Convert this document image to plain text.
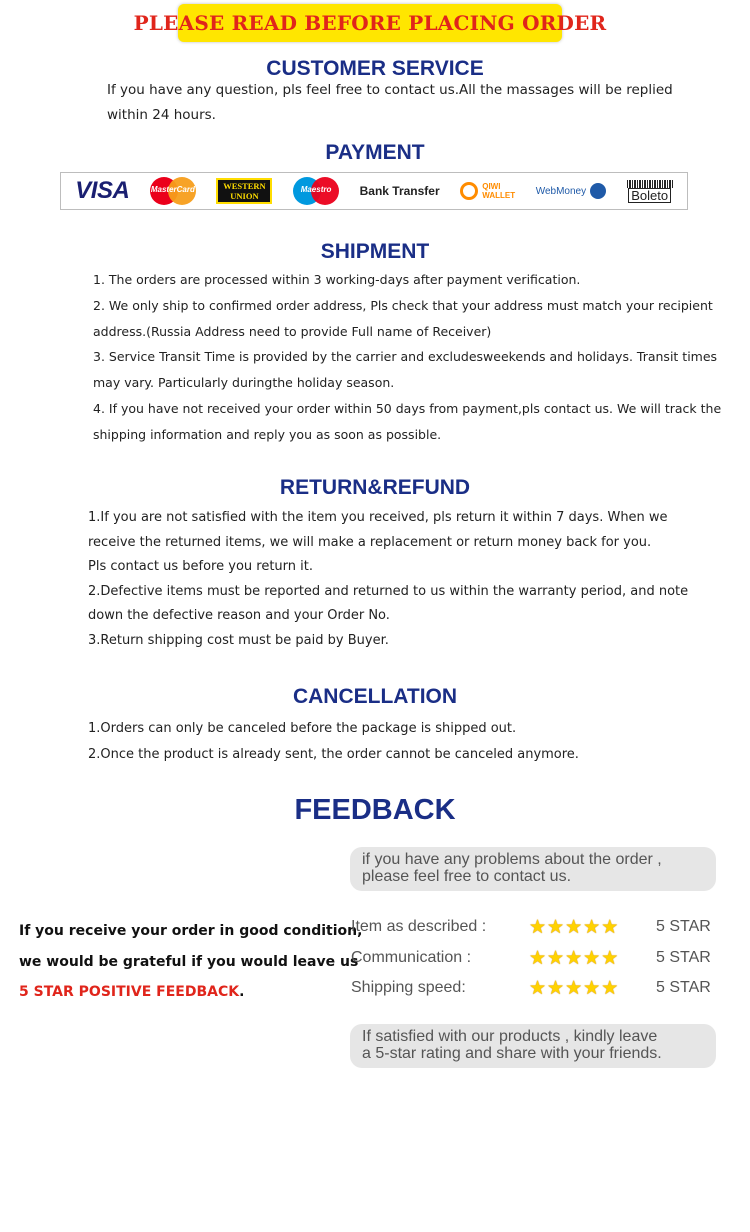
PLEASE READ BEFORE PLACING ORDER
CUSTOMER SERVICE
If you have any question, pls feel free to contact us.All the massages will be replied
within 24 hours.
PAYMENT
VISA	MasterCard	WESTERN
UNION
Maestro	Bank Transfer	QIWI
WALLET WebMoney	Boleto
SHIPMENT
1. The orders are processed within 3 working-days after payment verification.
2. We only ship to confirmed order address, Pls check that your address must match your recipient
address.(Russia Address need to provide Full name of Receiver)
3. Service Transit Time is provided by the carrier and excludesweekends and holidays. Transit times
may vary. Particularly duringthe holiday season.
4. If you have not received your order within 50 days from payment,pls contact us. We will track the
shipping information and reply you as soon as possible.
RETURN&REFUND
1.If you are not satisfied with the item you received, pls return it within 7 days. When we
receive the returned items, we will make a replacement or return money back for you.
Pls contact us before you return it.
2.Defective items must be reported and returned to us within the warranty period, and note
down the defective reason and your Order No.
3.Return shipping cost must be paid by Buyer.
CANCELLATION
1.Orders can only be canceled before the package is shipped out.
2.Once the product is already sent, the order cannot be canceled anymore.
FEEDBACK
if you have any problems about the order ,
please feel free to contact us.
If you receive your order in good condition,
we would be grateful if you would leave us
5 STAR POSITIVE FEEDBACK.
Item as described : ★ ★ ★ ★ ★ 5 STAR
Communication :	★ ★ ★ ★ ★ 5 STAR
Shipping speed:	★ ★ ★ ★ ★ 5 STAR
If satisfied with our products , kindly leave
a 5-star rating and share with your friends.
